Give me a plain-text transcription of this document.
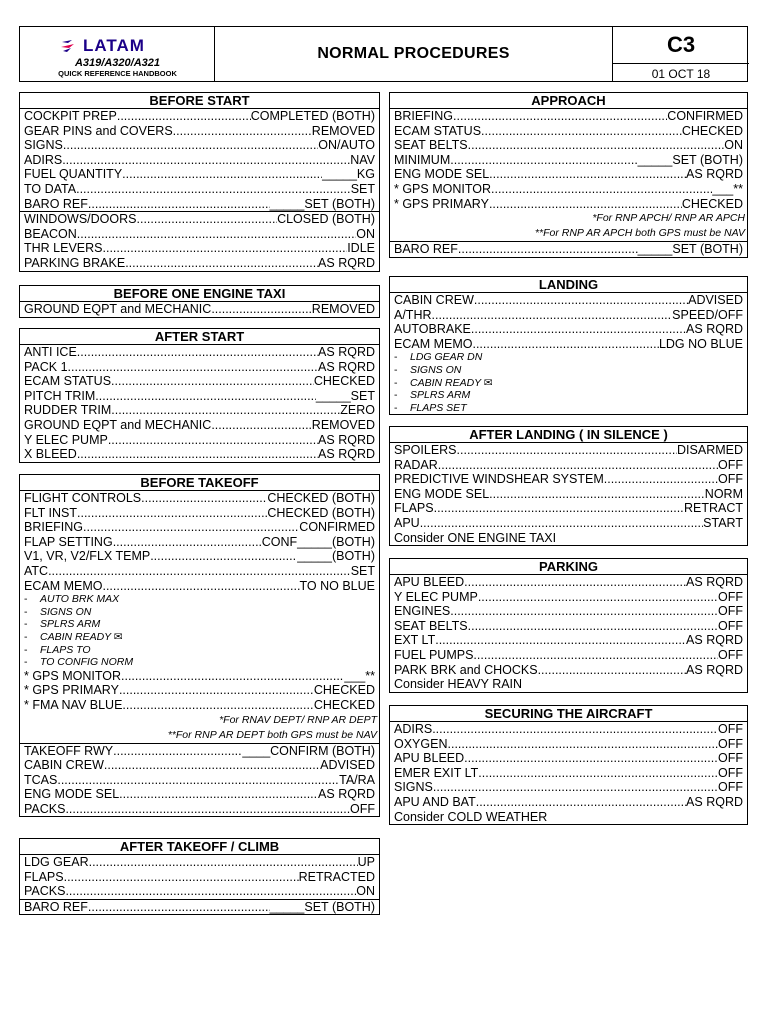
LATAM
A319/A320/A321
QUICK REFERENCE HANDBOOK
NORMAL PROCEDURES	C3
01 OCT 18
BEFORE START
COCKPIT PREP .....	COMPLETED (BOTH)
GEAR PINS and COVERS .....	REMOVED
SIGNS .....	ON/AUTO
ADIRS .....	NAV
FUEL QUANTITY .....	_____KG
TO DATA .....	SET
BARO REF .....	_____SET (BOTH)
WINDOWS/DOORS .....	CLOSED (BOTH)
BEACON .....	ON
THR LEVERS .....	IDLE
PARKING BRAKE .....	AS RQRD
BEFORE ONE ENGINE TAXI
GROUND EQPT and MECHANIC .....	REMOVED
AFTER START
ANTI ICE .....	AS RQRD
PACK 1 .....	AS RQRD
ECAM STATUS .....	CHECKED
PITCH TRIM .....	_____SET
RUDDER TRIM .....	ZERO
GROUND EQPT and MECHANIC .....	REMOVED
Y ELEC PUMP .....	AS RQRD
X BLEED .....	AS RQRD
BEFORE TAKEOFF
FLIGHT CONTROLS .....	CHECKED (BOTH)
FLT INST .....	CHECKED (BOTH)
BRIEFING .....	CONFIRMED
FLAP SETTING .....	CONF_____(BOTH)
V1, VR, V2/FLX TEMP .....	_____(BOTH)
ATC .....	SET
ECAM MEMO .....	TO NO BLUE
- AUTO BRK MAX
- SIGNS ON
- SPLRS ARM
- CABIN READY ✉
- FLAPS TO
- TO CONFIG NORM
* GPS MONITOR .....	___**
* GPS PRIMARY .....	CHECKED
* FMA NAV BLUE .....	CHECKED
*For RNAV DEPT/ RNP AR DEPT
**For RNP AR DEPT both GPS must be NAV
TAKEOFF RWY .....	____CONFIRM (BOTH)
CABIN CREW .....	ADVISED
TCAS .....	TA/RA
ENG MODE SEL .....	AS RQRD
PACKS .....	OFF
AFTER TAKEOFF / CLIMB
LDG GEAR .....	UP
FLAPS .....	RETRACTED
PACKS .....	ON
BARO REF .....	_____SET (BOTH)
APPROACH
BRIEFING .....	CONFIRMED
ECAM STATUS .....	CHECKED
SEAT BELTS .....	ON
MINIMUM .....	_____SET (BOTH)
ENG MODE SEL .....	AS RQRD
* GPS MONITOR .....	___**
* GPS PRIMARY .....	CHECKED
*For RNP APCH/ RNP AR APCH
**For RNP AR APCH both GPS must be NAV
BARO REF .....	_____SET (BOTH)
LANDING
CABIN CREW .....	ADVISED
A/THR .....	SPEED/OFF
AUTOBRAKE .....	AS RQRD
ECAM MEMO .....	LDG NO BLUE
- LDG GEAR DN
- SIGNS ON
- CABIN READY ✉
- SPLRS ARM
- FLAPS SET
AFTER LANDING ( IN SILENCE )
SPOILERS .....	DISARMED
RADAR .....	OFF
PREDICTIVE WINDSHEAR SYSTEM .....	OFF
ENG MODE SEL .....	NORM
FLAPS .....	RETRACT
APU .....	START
Consider ONE ENGINE TAXI
PARKING
APU BLEED .....	AS RQRD
Y ELEC PUMP .....	OFF
ENGINES .....	OFF
SEAT BELTS .....	OFF
EXT LT .....	AS RQRD
FUEL PUMPS .....	OFF
PARK BRK and CHOCKS .....	AS RQRD
Consider HEAVY RAIN
SECURING THE AIRCRAFT
ADIRS .....	OFF
OXYGEN .....	OFF
APU BLEED .....	OFF
EMER EXIT LT .....	OFF
SIGNS .....	OFF
APU AND BAT .....	AS RQRD
Consider COLD WEATHER
